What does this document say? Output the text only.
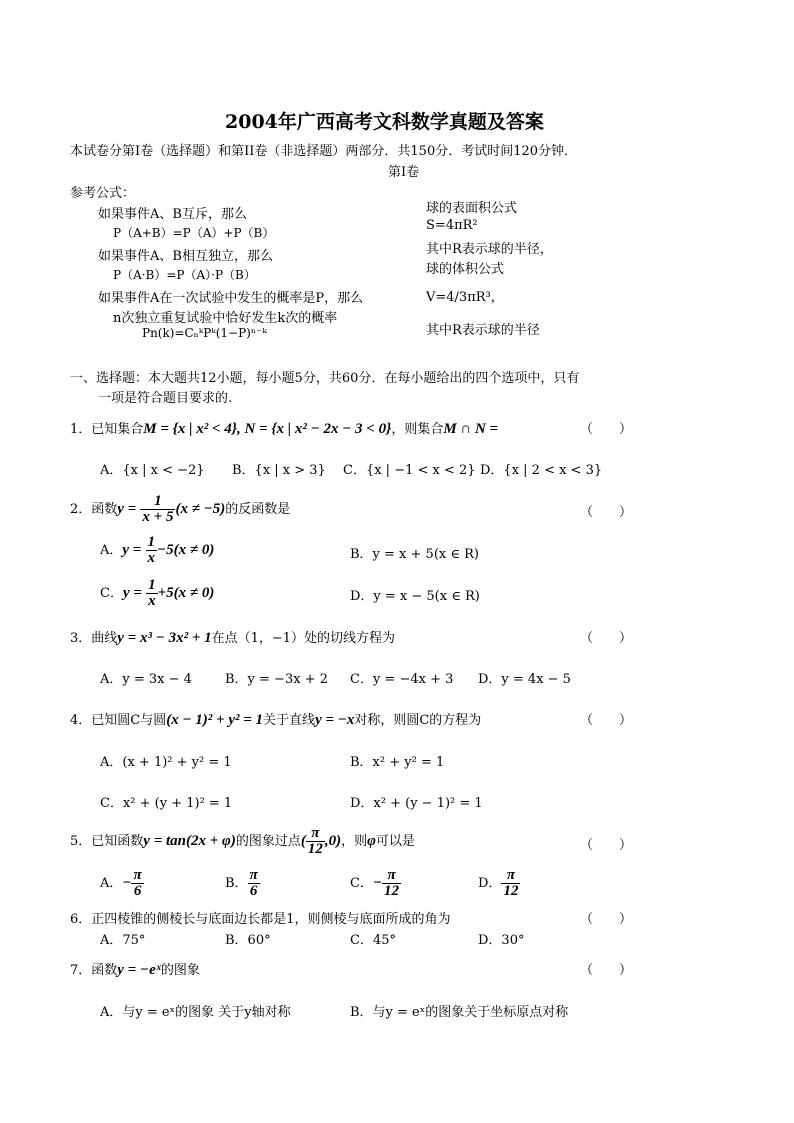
2004年广西高考文科数学真题及答案
本试卷分第I卷（选择题）和第II卷（非选择题）两部分．共150分．考试时间120分钟．
第I卷
参考公式：
如果事件A、B互斥，那么
P（A+B）=P（A）+P（B）
如果事件A、B相互独立，那么
P（A·B）=P（A）·P（B）
如果事件A在一次试验中发生的概率是P，那么
n次独立重复试验中恰好发生k次的概率
Pn(k)=CₙᵏPᵏ(1−P)ⁿ⁻ᵏ
球的表面积公式
S=4πR²
其中R表示球的半径，
球的体积公式
V=4/3πR³，
其中R表示球的半径
一、选择题：本大题共12小题，每小题5分，共60分．在每小题给出的四个选项中，只有
一项是符合题目要求的.
1．已知集合M = {x | x² < 4}, N = {x | x² − 2x − 3 < 0}，则集合M ∩ N =	（　　）
A．{x | x < −2} B．{x | x > 3} C．{x | −1 < x < 2} D．{x | 2 < x < 3}
2．函数$y = \frac{1}{x + 5} (x \ne -5)$的反函数是	（　　）
A．$y = \frac{1}{x} -5(x \ne 0)$	B．y = x + 5(x ∈ R)
C．$y = \frac{1}{x} +5(x \ne 0)$	D．y = x − 5(x ∈ R)
3．曲线y = x³ − 3x² + 1在点（1，−1）处的切线方程为	（　　）
A．y = 3x − 4	B．y = −3x + 2 C．y = −4x + 3 D．y = 4x − 5
4．已知圆C与圆(x − 1)² + y² = 1关于直线y = −x对称，则圆C的方程为	（　　）
A．(x + 1)² + y² = 1	B．x² + y² = 1
C．x² + (y + 1)² = 1	D．x² + (y − 1)² = 1
5．已知函数y = tan(2x + φ)的图象过点( $\frac{\pi}{12} ,0$)，则φ可以是	（　　）
A．− $\frac{\pi}{6}$	B． $\frac{\pi}{6}$	C．− $\frac{\pi}{12}$	D． $\frac{\pi}{12}$
6．正四棱锥的侧棱长与底面边长都是1，则侧棱与底面所成的角为	（　　）
A．75°	B．60°	C．45°	D．30°
7．函数y = −eˣ的图象	（　　）
A．与y = eˣ的图象 关于y轴对称	B．与y = eˣ的图象关于坐标原点对称
